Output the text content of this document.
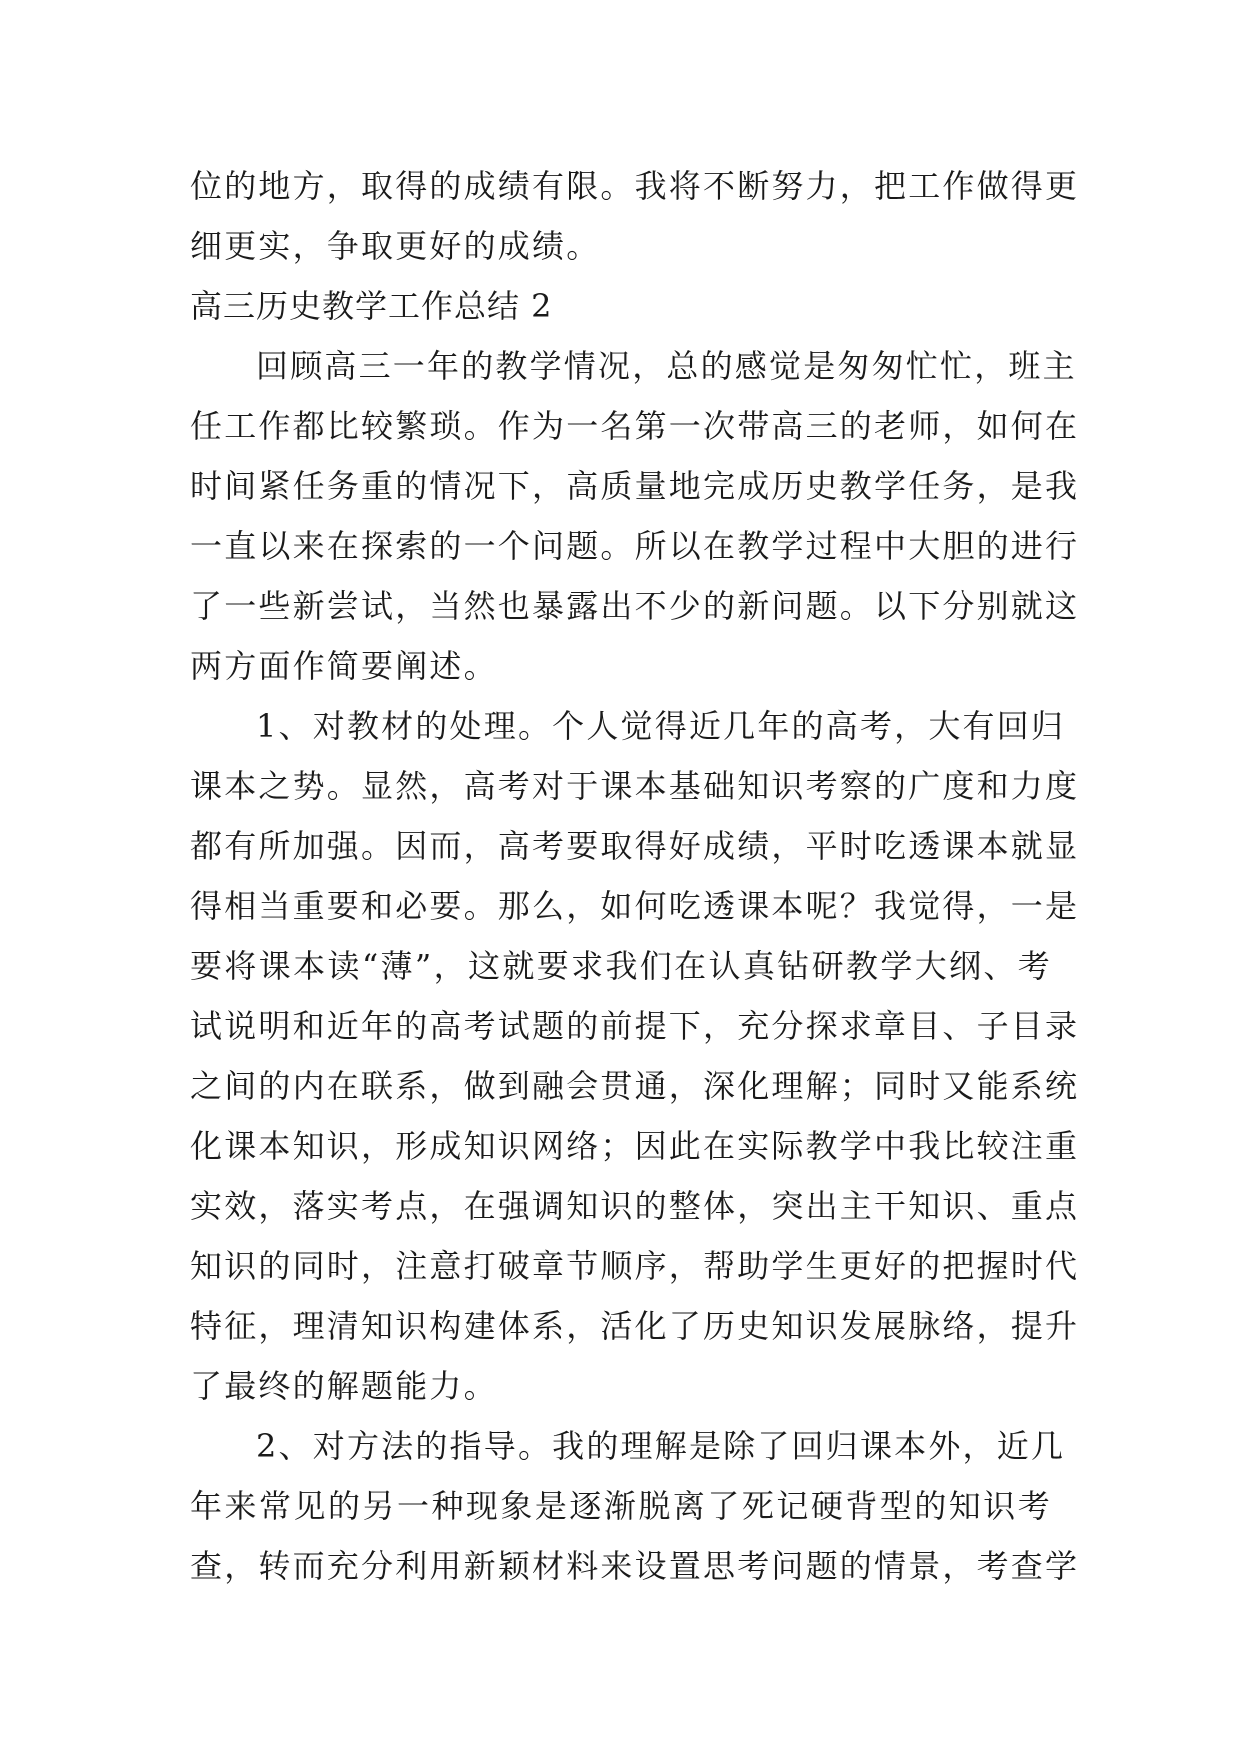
位的地方，取得的成绩有限。我将不断努力，把工作做得更
细更实，争取更好的成绩。
高三历史教学工作总结 2
回顾高三一年的教学情况，总的感觉是匆匆忙忙，班主
任工作都比较繁琐。作为一名第一次带高三的老师，如何在
时间紧任务重的情况下，高质量地完成历史教学任务，是我
一直以来在探索的一个问题。所以在教学过程中大胆的进行
了一些新尝试，当然也暴露出不少的新问题。以下分别就这
两方面作简要阐述。
1、对教材的处理。个人觉得近几年的高考，大有回归
课本之势。显然，高考对于课本基础知识考察的广度和力度
都有所加强。因而，高考要取得好成绩，平时吃透课本就显
得相当重要和必要。那么，如何吃透课本呢？我觉得，一是
要将课本读“薄”，这就要求我们在认真钻研教学大纲、考
试说明和近年的高考试题的前提下，充分探求章目、子目录
之间的内在联系，做到融会贯通，深化理解；同时又能系统
化课本知识，形成知识网络；因此在实际教学中我比较注重
实效，落实考点，在强调知识的整体，突出主干知识、重点
知识的同时，注意打破章节顺序，帮助学生更好的把握时代
特征，理清知识构建体系，活化了历史知识发展脉络，提升
了最终的解题能力。
2、对方法的指导。我的理解是除了回归课本外，近几
年来常见的另一种现象是逐渐脱离了死记硬背型的知识考
查，转而充分利用新颖材料来设置思考问题的情景，考查学
